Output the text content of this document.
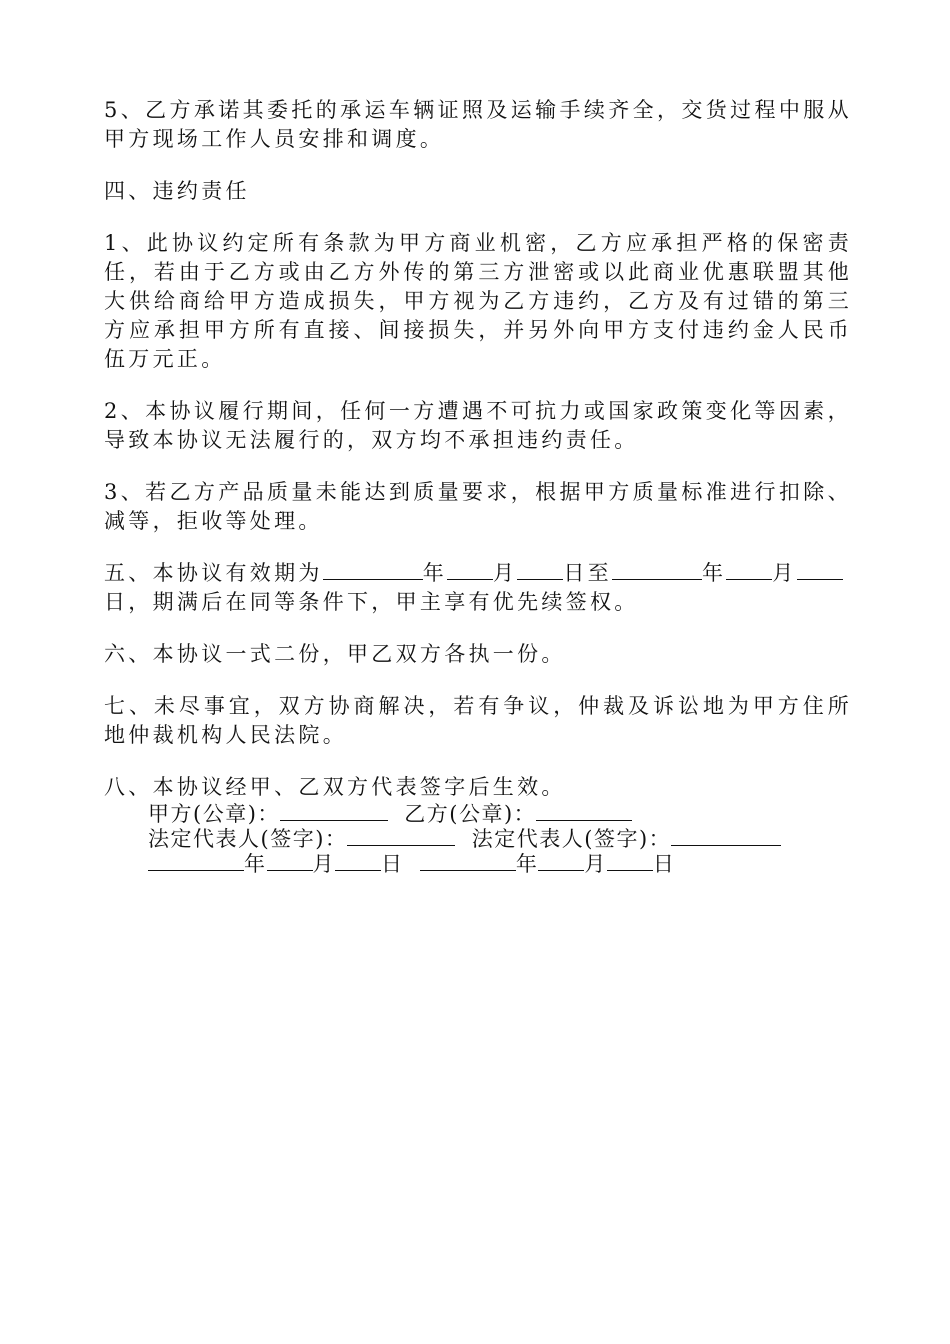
5、乙方承诺其委托的承运车辆证照及运输手续齐全，交货过程中服从甲方现场工作人员安排和调度。

四、违约责任

1、此协议约定所有条款为甲方商业机密，乙方应承担严格的保密责任，若由于乙方或由乙方外传的第三方泄密或以此商业优惠联盟其他大供给商给甲方造成损失，甲方视为乙方违约，乙方及有过错的第三方应承担甲方所有直接、间接损失，并另外向甲方支付违约金人民币伍万元正。

2、本协议履行期间，任何一方遭遇不可抗力或国家政策变化等因素，导致本协议无法履行的，双方均不承担违约责任。

3、若乙方产品质量未能达到质量要求，根据甲方质量标准进行扣除、减等，拒收等处理。

五、本协议有效期为	年 月 日至	年 月
日，期满后在同等条件下，甲主享有优先续签权。

六、本协议一式二份，甲乙双方各执一份。

七、未尽事宜，双方协商解决，若有争议，仲裁及诉讼地为甲方住所地仲裁机构人民法院。

八、本协议经甲、乙双方代表签字后生效。
甲方(公章)：	乙方(公章)：
法定代表人(签字)：	法定代表人(签字)：
年 月 日	年 月 日
